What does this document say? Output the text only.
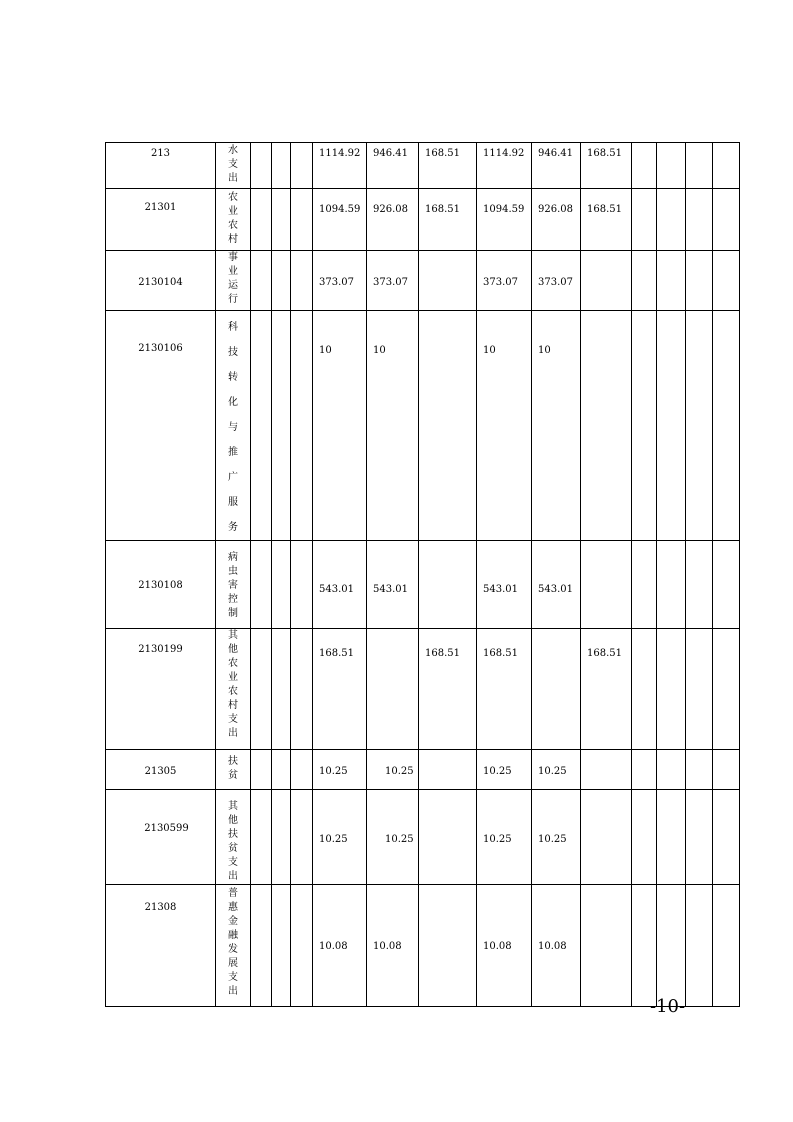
213	水支出				1114.92	946.41	168.51	1114.92	946.41	168.51				

21301	农业农村				1094.59	926.08	168.51	1094.59	926.08	168.51				

2130104	事业运行				373.07	373.07		373.07	373.07					

2130106	科技转化与推广服务				10	10		10	10					

2130108	病虫害控制				543.01	543.01		543.01	543.01					

2130199	其他农业农村支出				168.51		168.51	168.51		168.51				

21305	扶贫				10.25	10.25		10.25	10.25					

2130599	其他扶贫支出				10.25	10.25		10.25	10.25					

21308	普惠金融发展支出				10.08	10.08		10.08	10.08					

-10-
